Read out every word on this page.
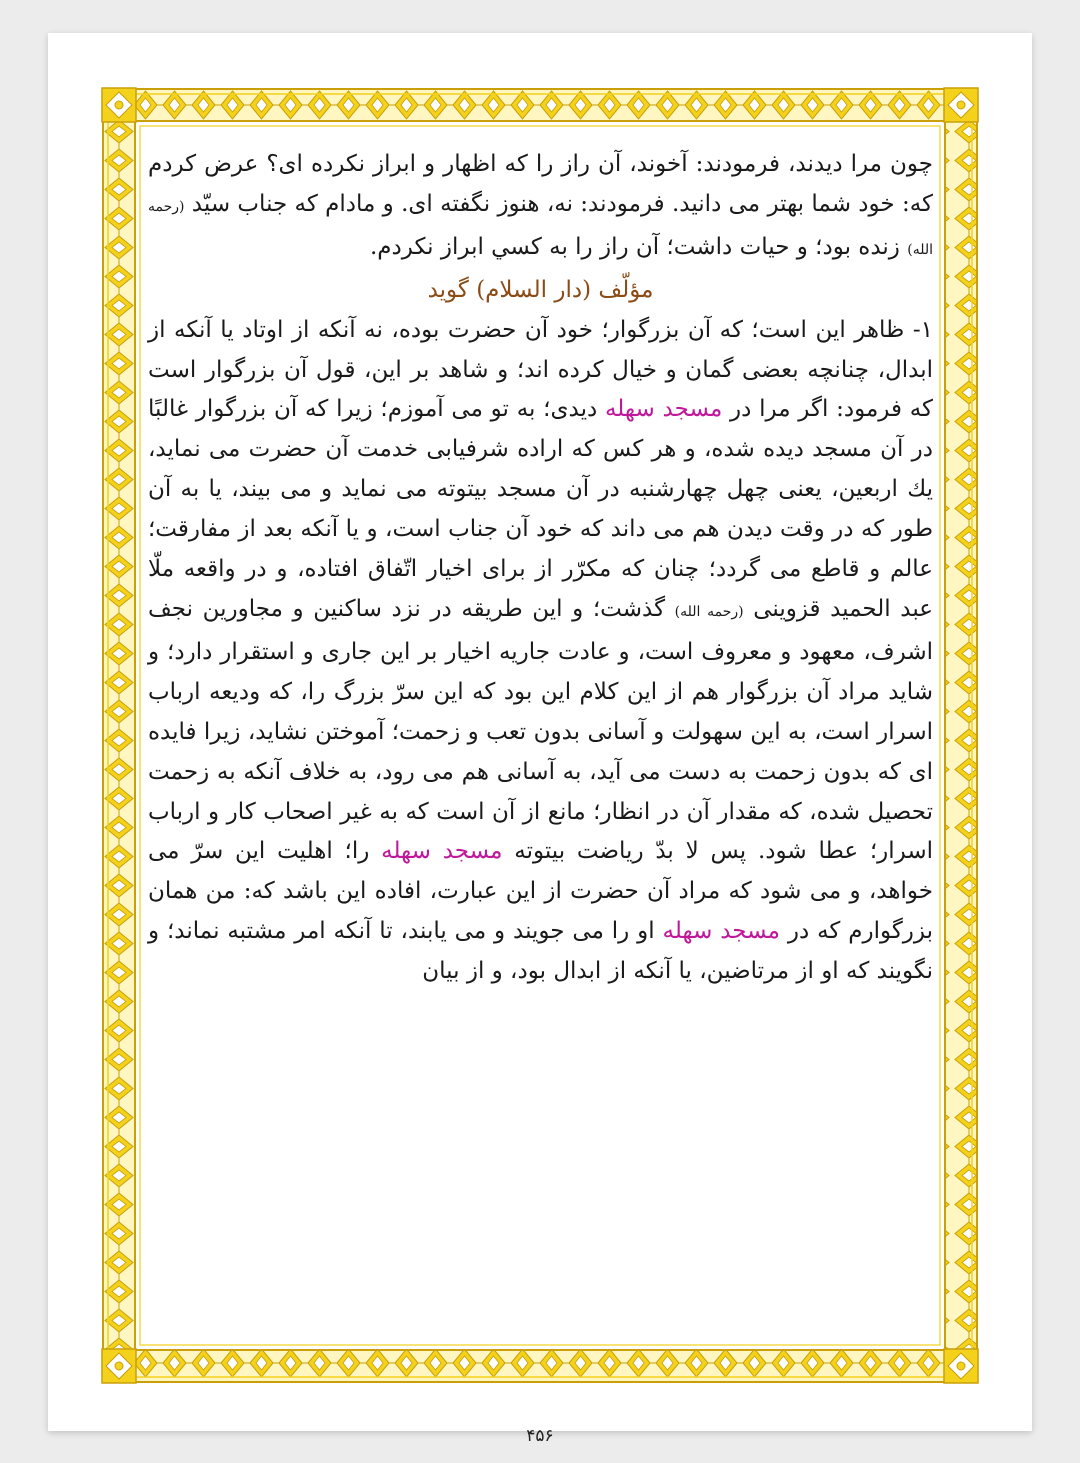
چون مرا دیدند، فرمودند: آخوند، آن راز را که اظهار و ابراز نکرده ای؟ عرض کردم که: خود شما بهتر می دانید. فرمودند: نه، هنوز نگفته ای. و مادام که جناب سیّد (رحمه الله) زنده بود؛ و حیات داشت؛ آن راز را به کسي ابراز نکردم.

مؤلّف (دار السلام) گوید

۱- ظاهر این است؛ که آن بزرگوار؛ خود آن حضرت بوده، نه آنکه از اوتاد یا آنکه از ابدال، چنانچه بعضی گمان و خیال کرده اند؛ و شاهد بر این، قول آن بزرگوار است که فرمود: اگر مرا در مسجد سهله دیدی؛ به تو می آموزم؛ زیرا که آن بزرگوار غالبًا در آن مسجد دیده شده، و هر کس که اراده شرفیابی خدمت آن حضرت می نماید، یك اربعین، یعنی چهل چهارشنبه در آن مسجد بیتوته می نماید و می بیند، یا به آن طور که در وقت دیدن هم می داند که خود آن جناب است، و یا آنکه بعد از مفارقت؛ عالم و قاطع می گردد؛ چنان که مکرّر از برای اخیار اتّفاق افتاده، و در واقعه ملّا عبد الحمید قزوینی (رحمه الله) گذشت؛ و این طریقه در نزد ساکنین و مجاورین نجف اشرف، معهود و معروف است، و عادت جاریه اخیار بر این جاری و استقرار دارد؛ و شاید مراد آن بزرگوار هم از این کلام این بود که این سرّ بزرگ را، که ودیعه ارباب اسرار است، به این سهولت و آسانی بدون تعب و زحمت؛ آموختن نشاید، زیرا فایده ای که بدون زحمت به دست می آید، به آسانی هم می رود، به خلاف آنکه به زحمت تحصیل شده، که مقدار آن در انظار؛ مانع از آن است که به غیر اصحاب کار و ارباب اسرار؛ عطا شود. پس لا بدّ ریاضت بیتوته مسجد سهله را؛ اهلیت این سرّ می خواهد، و می شود که مراد آن حضرت از این عبارت، افاده این باشد که: من همان بزرگوارم که در مسجد سهله او را می جویند و می یابند، تا آنکه امر مشتبه نماند؛ و نگویند که او از مرتاضین، یا آنکه از ابدال بود، و از بیان

۴۵۶
